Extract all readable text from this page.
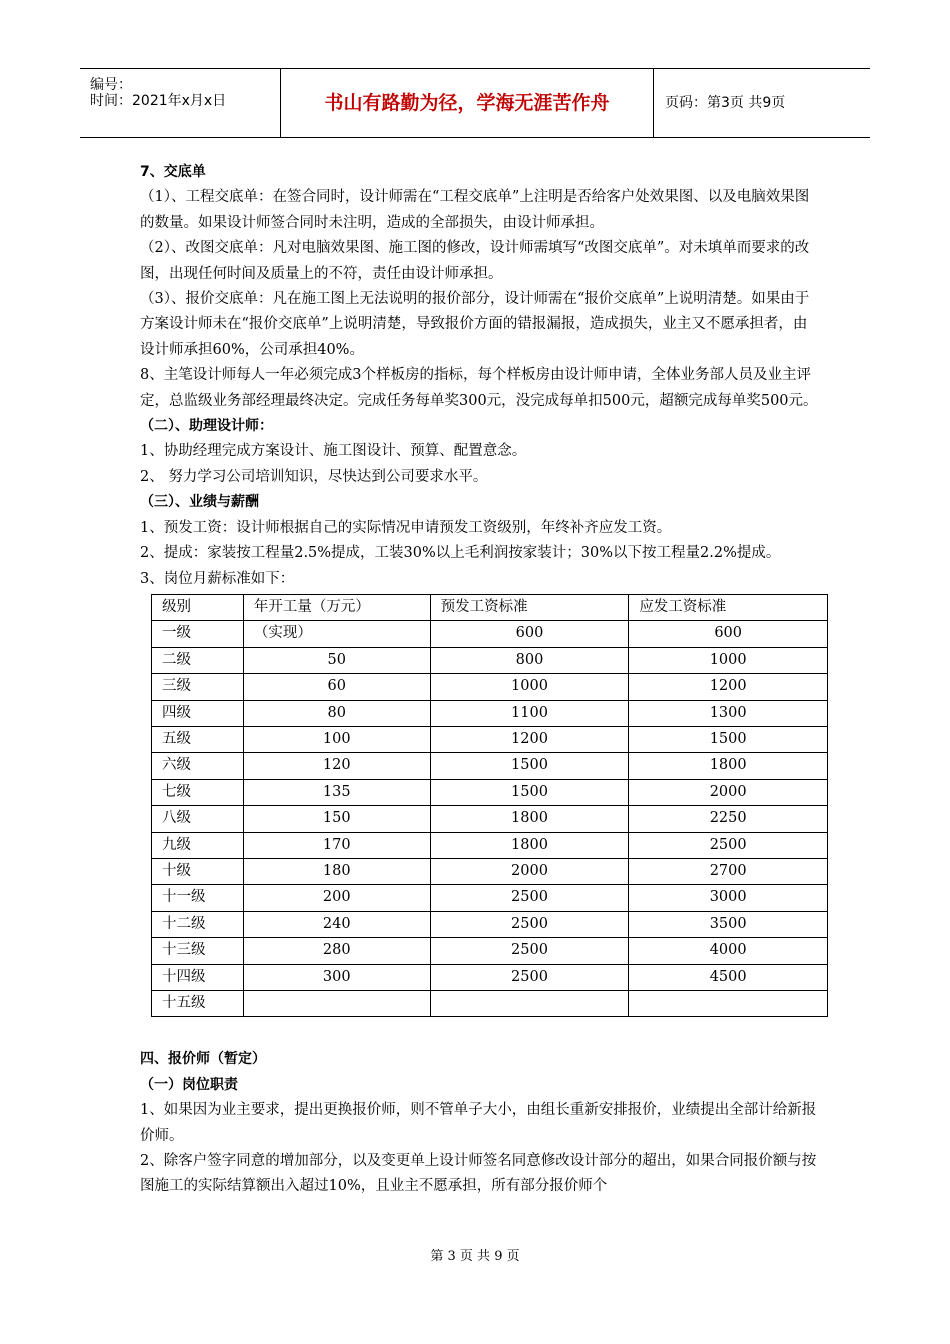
编号：
时间：2021年x月x日	书山有路勤为径，学海无涯苦作舟	页码：第3页 共9页

7、交底单

（1）、工程交底单：在签合同时，设计师需在“工程交底单”上注明是否给客户处效果图、以及电脑效果图的数量。如果设计师签合同时未注明，造成的全部损失，由设计师承担。

（2）、改图交底单：凡对电脑效果图、施工图的修改，设计师需填写“改图交底单”。对未填单而要求的改图，出现任何时间及质量上的不符，责任由设计师承担。

（3）、报价交底单：凡在施工图上无法说明的报价部分，设计师需在“报价交底单”上说明清楚。如果由于方案设计师未在“报价交底单”上说明清楚，导致报价方面的错报漏报，造成损失，业主又不愿承担者，由设计师承担60%，公司承担40%。

8、主笔设计师每人一年必须完成3个样板房的指标，每个样板房由设计师申请，全体业务部人员及业主评定，总监级业务部经理最终决定。完成任务每单奖300元，没完成每单扣500元，超额完成每单奖500元。

（二）、助理设计师：

1、协助经理完成方案设计、施工图设计、预算、配置意念。

2、 努力学习公司培训知识，尽快达到公司要求水平。

（三）、业绩与薪酬

1、预发工资：设计师根据自己的实际情况申请预发工资级别，年终补齐应发工资。

2、提成：家装按工程量2.5%提成，工装30%以上毛利润按家装计；30%以下按工程量2.2%提成。

3、岗位月薪标准如下：

级别	年开工量（万元）	预发工资标准	应发工资标准
一级	（实现）	600	600
二级	50	800	1000
三级	60	1000	1200
四级	80	1100	1300
五级	100	1200	1500
六级	120	1500	1800
七级	135	1500	2000
八级	150	1800	2250
九级	170	1800	2500
十级	180	2000	2700
十一级	200	2500	3000
十二级	240	2500	3500
十三级	280	2500	4000
十四级	300	2500	4500
十五级			

四、报价师（暂定）

（一）岗位职责

1、如果因为业主要求，提出更换报价师，则不管单子大小，由组长重新安排报价，业绩提出全部计给新报价师。

2、除客户签字同意的增加部分，以及变更单上设计师签名同意修改设计部分的超出，如果合同报价额与按图施工的实际结算额出入超过10%，且业主不愿承担，所有部分报价师个

第 3 页 共 9 页
